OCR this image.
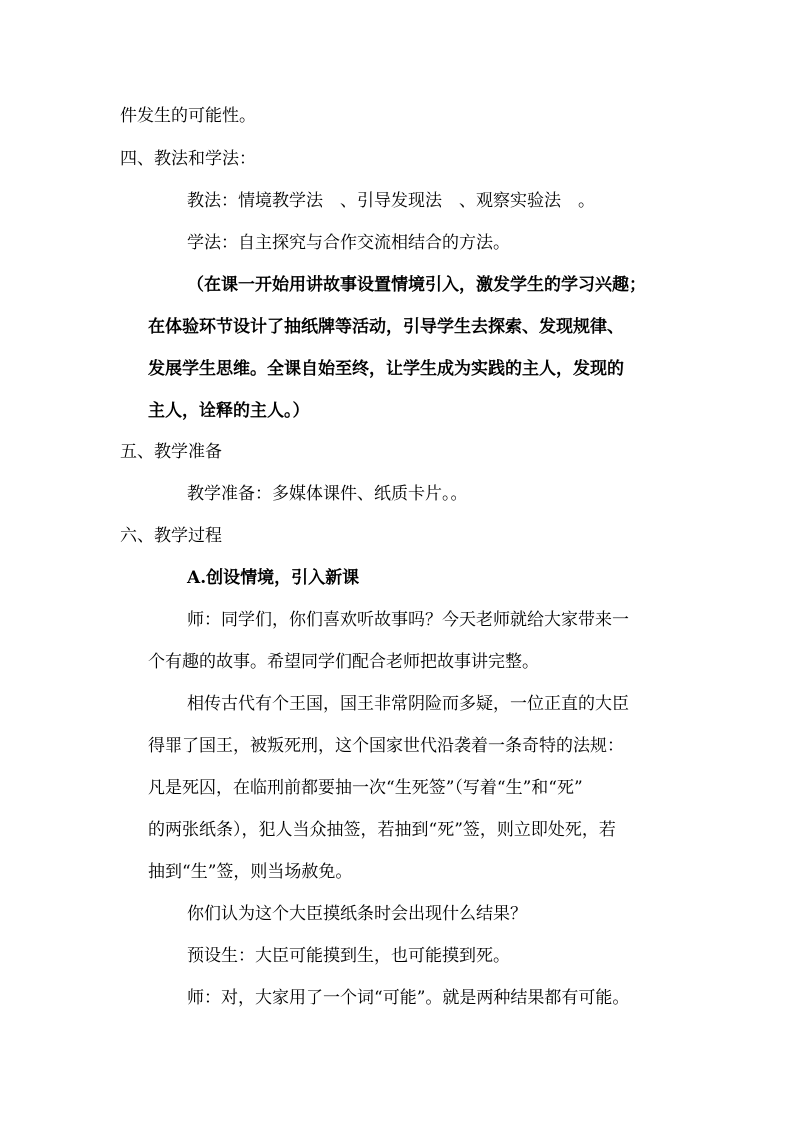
件发生的可能性。
四、教法和学法：
教法：情境教学法　、引导发现法　、观察实验法　。
学法：自主探究与合作交流相结合的方法。
（在课一开始用讲故事设置情境引入，激发学生的学习兴趣；
在体验环节设计了抽纸牌等活动，引导学生去探索、发现规律、
发展学生思维。全课自始至终，让学生成为实践的主人，发现的
主人，诠释的主人。）
五、教学准备
教学准备：多媒体课件、纸质卡片。。
六、教学过程
A.创设情境，引入新课
师：同学们，你们喜欢听故事吗？今天老师就给大家带来一
个有趣的故事。希望同学们配合老师把故事讲完整。
相传古代有个王国，国王非常阴险而多疑，一位正直的大臣
得罪了国王，被叛死刑，这个国家世代沿袭着一条奇特的法规：
凡是死囚，在临刑前都要抽一次“生死签”（写着“生”和“死”
的两张纸条），犯人当众抽签，若抽到“死”签，则立即处死，若
抽到“生”签，则当场赦免。
你们认为这个大臣摸纸条时会出现什么结果？
预设生：大臣可能摸到生，也可能摸到死。
师：对，大家用了一个词“可能”。就是两种结果都有可能。
